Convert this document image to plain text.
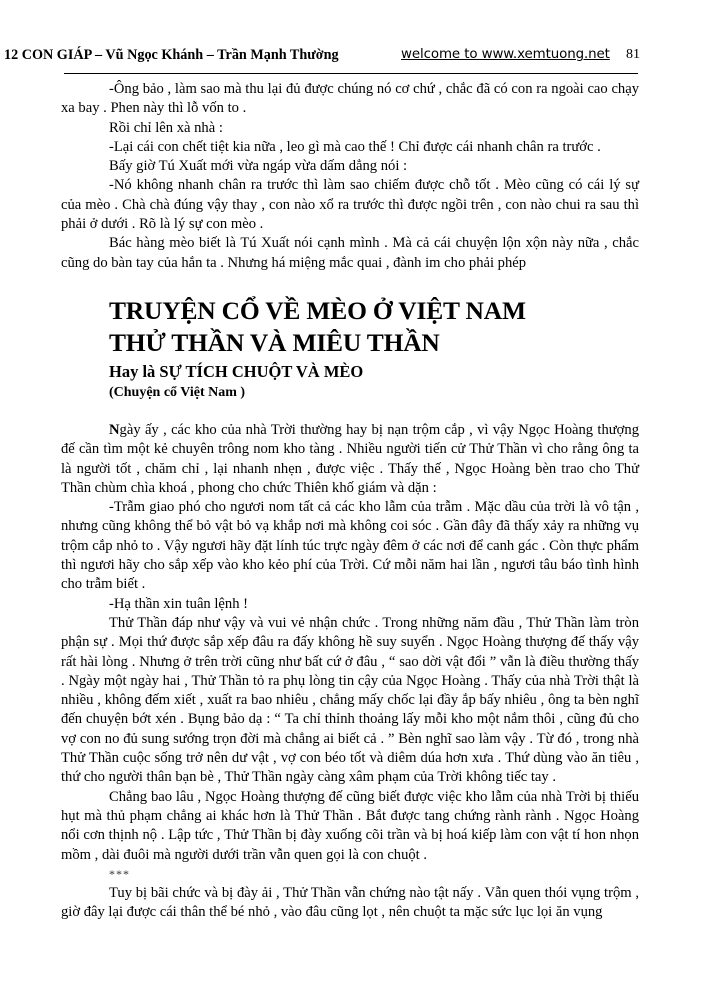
12 CON GIÁP – Vũ Ngọc Khánh – Trần Mạnh Thường	welcome to www.xemtuong.net 81

-Ông bảo , làm sao mà thu lại đủ được chúng nó cơ chứ , chắc đã có con ra ngoài cao chạy xa bay . Phen này thì lỗ vốn to .

Rồi chỉ lên xà nhà :

-Lại cái con chết tiệt kia nữa , leo gì mà cao thế ! Chỉ được cái nhanh chân ra trước .

Bấy giờ Tú Xuất mới vừa ngáp vừa dấm dẳng nói :

-Nó không nhanh chân ra trước thì làm sao chiếm được chỗ tốt . Mèo cũng có cái lý sự của mèo . Chà chà đúng vậy thay , con nào xổ ra trước thì được ngồi trên , con nào chui ra sau thì phải ở dưới . Rõ là lý sự con mèo .

Bác hàng mèo biết là Tú Xuất nói cạnh mình . Mà cả cái chuyện lộn xộn này nữa , chắc cũng do bàn tay của hắn ta . Nhưng há miệng mắc quai , đành im cho phải phép

TRUYỆN CỔ VỀ MÈO Ở VIỆT NAM
THỬ THẦN VÀ MIÊU THẦN
Hay là SỰ TÍCH CHUỘT VÀ MÈO
(Chuyện cổ Việt Nam )

Ngày ấy , các kho của nhà Trời thường hay bị nạn trộm cắp , vì vậy Ngọc Hoàng thượng đế cần tìm một kẻ chuyên trông nom kho tàng . Nhiều người tiến cử Thử Thần vì cho rằng ông ta là người tốt , chăm chỉ , lại nhanh nhẹn , được việc . Thấy thế , Ngọc Hoàng bèn trao cho Thử Thần chùm chìa khoá , phong cho chức Thiên khố giám và dặn :

-Trẫm giao phó cho ngươi nom tất cả các kho lẫm của trẫm . Mặc dầu của trời là vô tận , nhưng cũng không thể bỏ vật bỏ vạ khắp nơi mà không coi sóc . Gần đây đã thấy xảy ra những vụ trộm cắp nhỏ to . Vậy ngươi hãy đặt lính túc trực ngày đêm ở các nơi để canh gác . Còn thực phẩm thì ngươi hãy cho sắp xếp vào kho kẻo phí của Trời. Cứ mỗi năm hai lần , ngươi tâu báo tình hình cho trẫm biết .

-Hạ thần xin tuân lệnh !

Thử Thần đáp như vậy và vui vẻ nhận chức . Trong những năm đầu , Thử Thần làm tròn phận sự . Mọi thứ được sắp xếp đâu ra đấy không hề suy suyển . Ngọc Hoàng thượng đế thấy vậy rất hài lòng . Nhưng ở trên trời cũng như bất cứ ở đâu , “ sao dời vật đổi ” vẫn là điều thường thấy . Ngày một ngày hai , Thử Thần tỏ ra phụ lòng tin cậy của Ngọc Hoàng . Thấy của nhà Trời thật là nhiều , không đếm xiết , xuất ra bao nhiêu , chẳng mấy chốc lại đầy ắp bấy nhiêu , ông ta bèn nghĩ đến chuyện bớt xén . Bụng bảo dạ : “ Ta chỉ thỉnh thoảng lấy mỗi kho một nắm thôi , cũng đủ cho vợ con no đủ sung sướng trọn đời mà chẳng ai biết cả . ” Bèn nghĩ sao làm vậy . Từ đó , trong nhà Thử Thần cuộc sống trở nên dư vật , vợ con béo tốt và diêm dúa hơn xưa . Thứ dùng vào ăn tiêu , thứ cho người thân bạn bè , Thử Thần ngày càng xâm phạm của Trời không tiếc tay .

Chẳng bao lâu , Ngọc Hoàng thượng đế cũng biết được việc kho lẫm của nhà Trời bị thiếu hụt mà thủ phạm chẳng ai khác hơn là Thử Thần . Bắt được tang chứng rành rành . Ngọc Hoàng nổi cơn thịnh nộ . Lập tức , Thử Thần bị đày xuống cõi trần và bị hoá kiếp làm con vật tí hon nhọn mồm , dài đuôi mà người dưới trần vẫn quen gọi là con chuột .

***

Tuy bị bãi chức và bị đày ải , Thử Thần vẫn chứng nào tật nấy . Vẫn quen thói vụng trộm , giờ đây lại được cái thân thể bé nhỏ , vào đâu cũng lọt , nên chuột ta mặc sức lục lọi ăn vụng
